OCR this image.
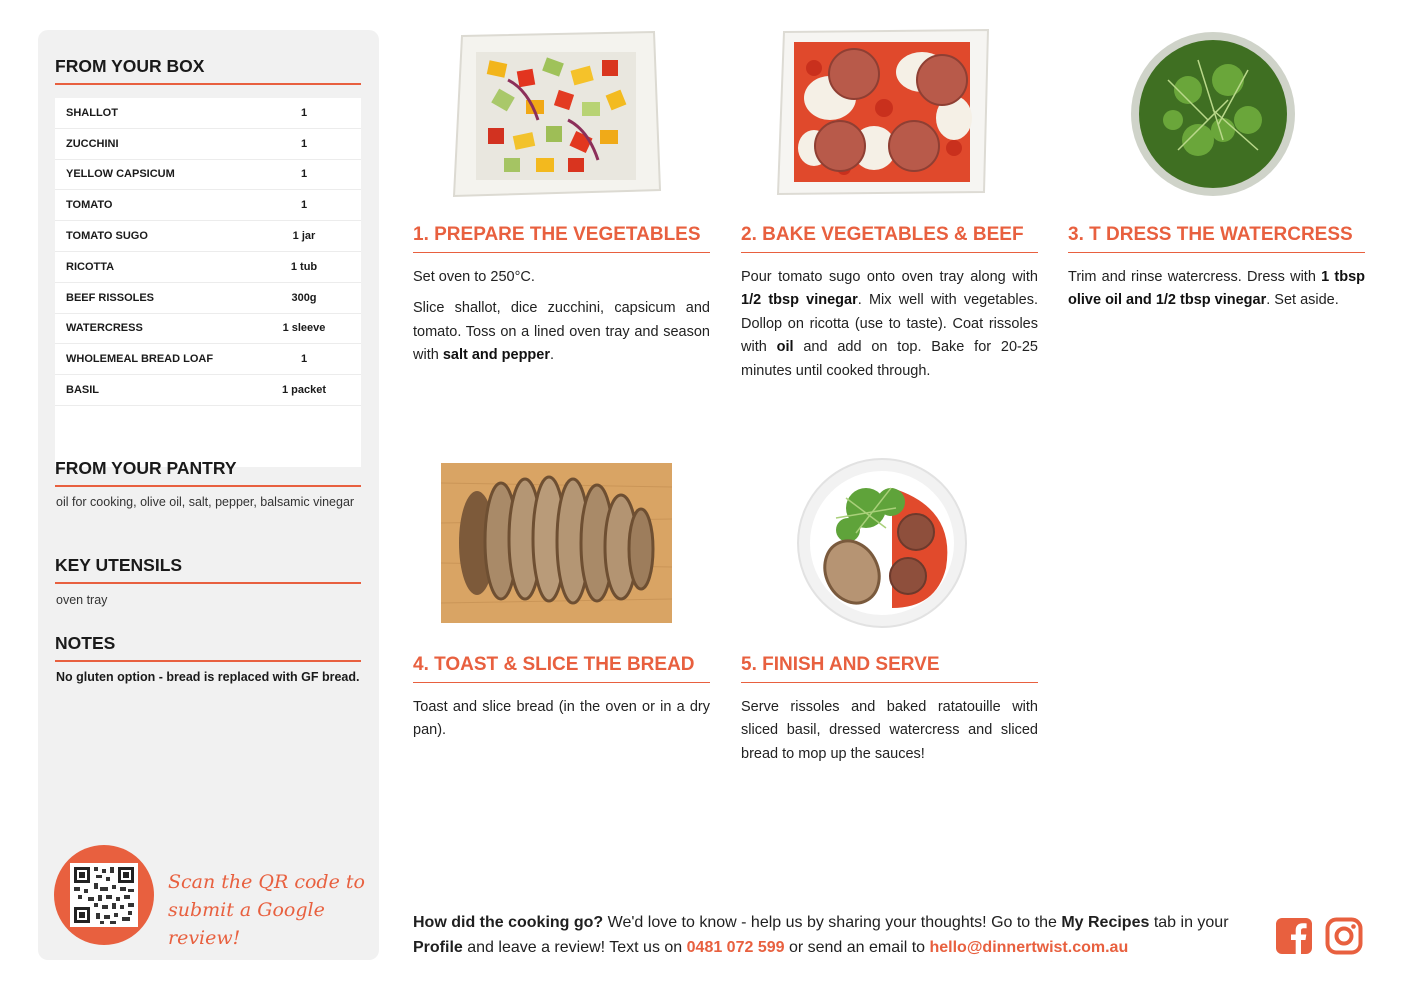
FROM YOUR BOX
SHALLOT	1
ZUCCHINI	1
YELLOW CAPSICUM	1
TOMATO	1
TOMATO SUGO	1 jar
RICOTTA	1 tub
BEEF RISSOLES	300g
WATERCRESS	1 sleeve
WHOLEMEAL BREAD LOAF	1
BASIL	1 packet
FROM YOUR PANTRY
oil for cooking, olive oil, salt, pepper, balsamic vinegar
KEY UTENSILS
oven tray
NOTES
No gluten option - bread is replaced with GF bread.
Scan the QR code to
submit a Google review!
1. PREPARE THE VEGETABLES

Set oven to 250°C.

Slice shallot, dice zucchini, capsicum and tomato. Toss on a lined oven tray and season with salt and pepper.

2. BAKE VEGETABLES & BEEF

Pour tomato sugo onto oven tray along with 1/2 tbsp vinegar. Mix well with vegetables. Dollop on ricotta (use to taste). Coat rissoles with oil and add on top. Bake for 20-25 minutes until cooked through.

3. T DRESS THE WATERCRESS

Trim and rinse watercress. Dress with 1 tbsp olive oil and 1/2 tbsp vinegar. Set aside.

4. TOAST & SLICE THE BREAD

Toast and slice bread (in the oven or in a dry pan).

5. FINISH AND SERVE

Serve rissoles and baked ratatouille with sliced basil, dressed watercress and sliced bread to mop up the sauces!

How did the cooking go? We'd love to know - help us by sharing your thoughts! Go to the My Recipes tab in your Profile and leave a review! Text us on 0481 072 599 or send an email to hello@dinnertwist.com.au
